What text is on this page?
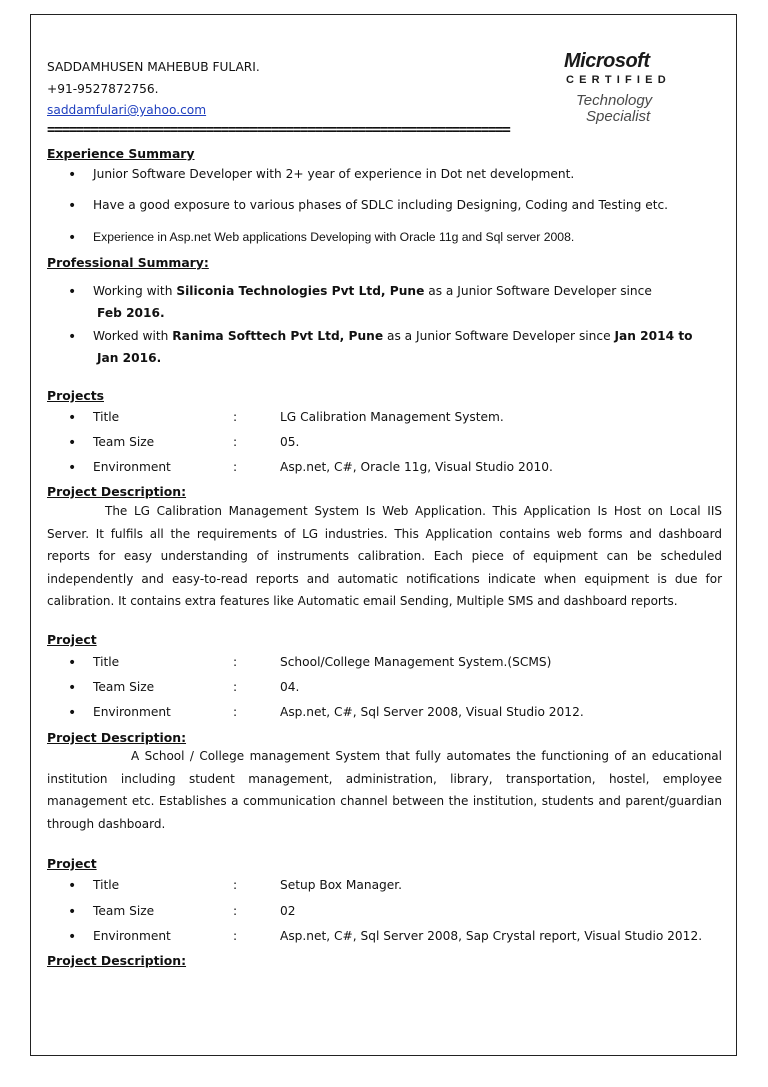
Microsoft
CERTIFIED
Technology
Specialist
SADDAMHUSEN MAHEBUB FULARI.
+91-9527872756.
saddamfulari@yahoo.com
================================================================
Experience Summary
• Junior Software Developer with 2+ year of experience in Dot net development.
• Have a good exposure to various phases of SDLC including Designing, Coding and Testing etc.
• Experience in Asp.net Web applications Developing with Oracle 11g and Sql server 2008.
Professional Summary:
• Working with Siliconia Technologies Pvt Ltd, Pune as a Junior Software Developer since
Feb 2016.
• Worked with Ranima Softtech Pvt Ltd, Pune as a Junior Software Developer since Jan 2014 to
Jan 2016.
Projects
• Title	:	LG Calibration Management System.
• Team Size	:	05.
• Environment	:	Asp.net, C#, Oracle 11g, Visual Studio 2010.
Project Description:
The LG Calibration Management System Is Web Application. This Application Is Host on Local IIS Server. It fulfils all the requirements of LG industries. This Application contains web forms and dashboard reports for easy understanding of instruments calibration. Each piece of equipment can be scheduled independently and easy-to-read reports and automatic notifications indicate when equipment is due for calibration. It contains extra features like Automatic email Sending, Multiple SMS and dashboard reports.
Project
• Title	:	School/College Management System.(SCMS)
• Team Size	:	04.
• Environment	:	Asp.net, C#, Sql Server 2008, Visual Studio 2012.
Project Description:
A School / College management System that fully automates the functioning of an educational institution including student management, administration, library, transportation, hostel, employee management etc. Establishes a communication channel between the institution, students and parent/guardian through dashboard.
Project
• Title	:	Setup Box Manager.
• Team Size	:	02
• Environment	:	Asp.net, C#, Sql Server 2008, Sap Crystal report, Visual Studio 2012.
Project Description:
